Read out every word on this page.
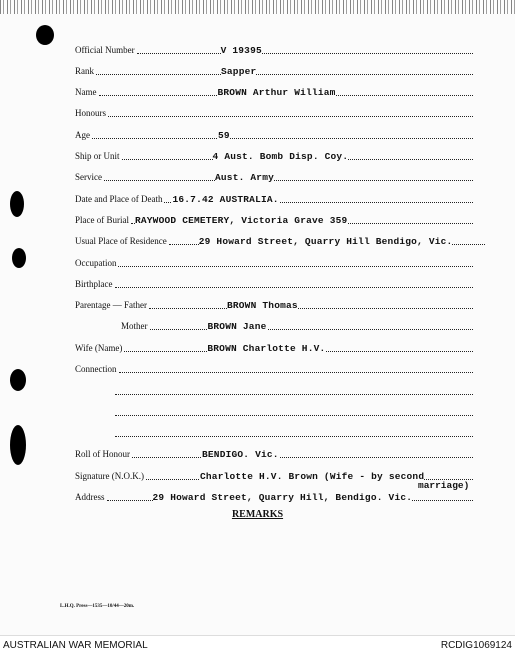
Official Number	V 19395
Rank	Sapper
Name	BROWN Arthur William
Honours
Age	59
Ship or Unit	4 Aust. Bomb Disp. Coy.
Service	Aust. Army
Date and Place of Death 16.7.42 AUSTRALIA.
Place of Burial RAYWOOD CEMETERY, Victoria Grave 359
Usual Place of Residence	29 Howard Street, Quarry Hill Bendigo, Vic.
Occupation
Birthplace
Parentage — Father	BROWN Thomas
Mother	BROWN Jane
Wife (Name)	BROWN Charlotte H.V.
Connection
Roll of Honour	BENDIGO. Vic.
Signature (N.O.K.)	Charlotte H.V. Brown (Wife - by second
marriage)
Address	29 Howard Street, Quarry Hill, Bendigo. Vic.
REMARKS
L.H.Q. Press—1535—10/44—20m.
AUSTRALIAN WAR MEMORIAL	RCDIG1069124
